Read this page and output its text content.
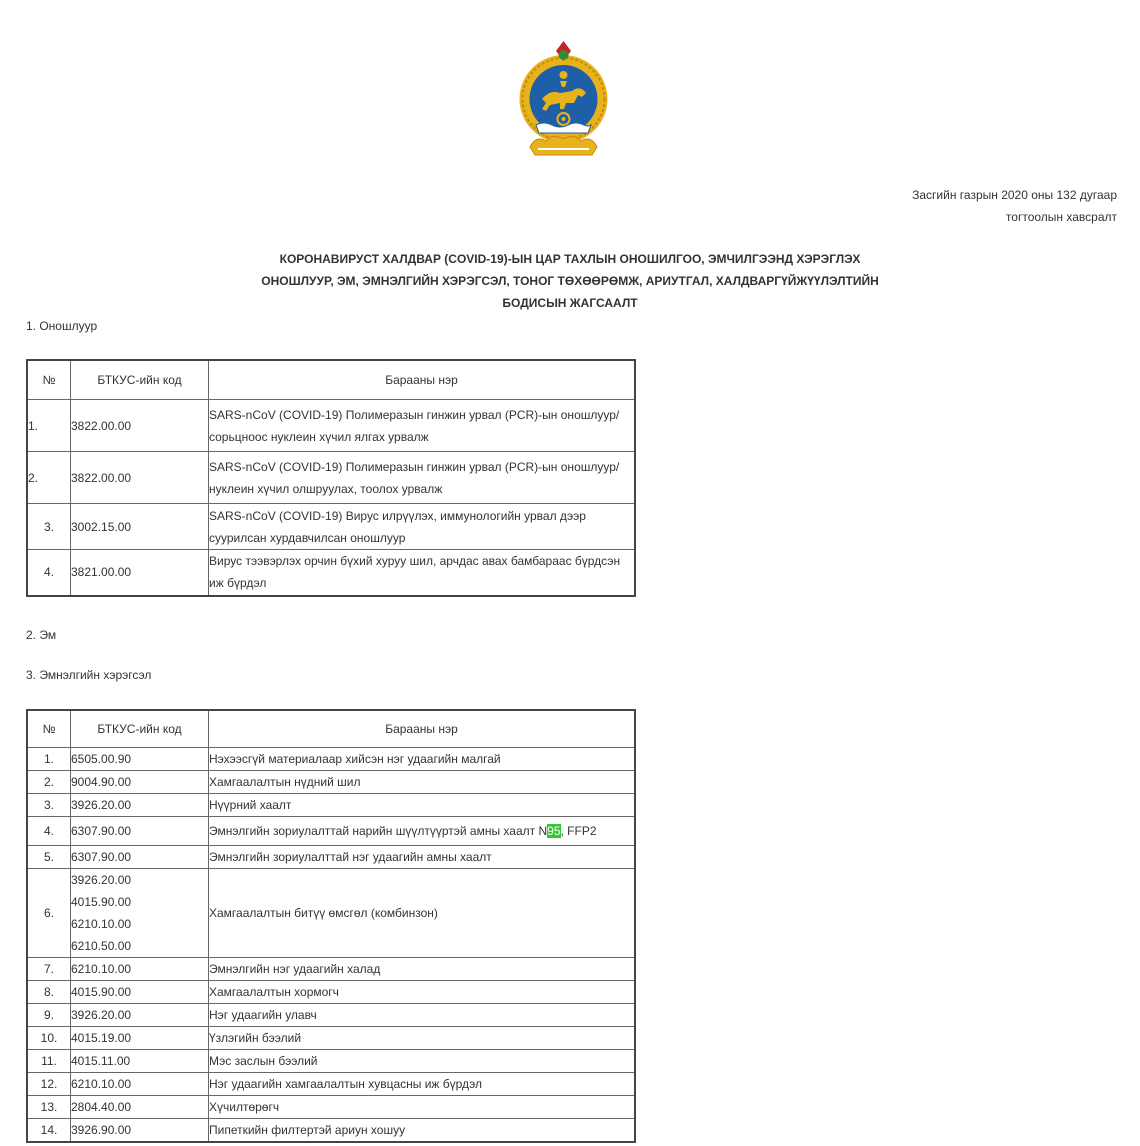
Засгийн газрын 2020 оны 132 дугаар
тогтоолын хавсралт
КОРОНАВИРУСТ ХАЛДВАР (COVID-19)-ЫН ЦАР ТАХЛЫН ОНОШИЛГОО, ЭМЧИЛГЭЭНД ХЭРЭГЛЭХ
ОНОШЛУУР, ЭМ, ЭМНЭЛГИЙН ХЭРЭГСЭЛ, ТОНОГ ТӨХӨӨРӨМЖ, АРИУТГАЛ, ХАЛДВАРГҮЙЖҮҮЛЭЛТИЙН
БОДИСЫН ЖАГСААЛТ
1. Оношлуур
№	БТКУС-ийн код	Барааны нэр
1.	3822.00.00	SARS-nCoV (COVID-19) Полимеразын гинжин урвал (PCR)-ын оношлуур/
сорьцноос нуклеин хүчил ялгах урвалж

2.	3822.00.00	SARS-nCoV (COVID-19) Полимеразын гинжин урвал (PCR)-ын оношлуур/
нуклеин хүчил олшруулах, тоолох урвалж

3.	3002.15.00	SARS-nCoV (COVID-19) Вирус илрүүлэх, иммунологийн урвал дээр
суурилсан хурдавчилсан оношлуур

4.	3821.00.00	Вирус тээвэрлэх орчин бүхий хуруу шил, арчдас авах бамбараас бүрдсэн
иж бүрдэл
2. Эм
3. Эмнэлгийн хэрэгсэл
№	БТКУС-ийн код	Барааны нэр
1.	6505.00.90	Нэхээсгүй материалаар хийсэн нэг удаагийн малгай
2.	9004.90.00	Хамгаалалтын нүдний шил
3.	3926.20.00	Нүүрний хаалт
4.	6307.90.00	Эмнэлгийн зориулалттай нарийн шүүлтүүртэй амны хаалт N95, FFP2
5.	6307.90.00	Эмнэлгийн зориулалттай нэг удаагийн амны хаалт
6.	3926.20.00
4015.90.00
6210.10.00
6210.50.00	Хамгаалалтын битүү өмсгөл (комбинзон)
7.	6210.10.00	Эмнэлгийн нэг удаагийн халад
8.	4015.90.00	Хамгаалалтын хормогч
9.	3926.20.00	Нэг удаагийн улавч
10.	4015.19.00	Үзлэгийн бээлий
11.	4015.11.00	Мэс заслын бээлий
12.	6210.10.00	Нэг удаагийн хамгаалалтын хувцасны иж бүрдэл
13.	2804.40.00	Хүчилтөрөгч
14.	3926.90.00	Пипеткийн филтертэй ариун хошуу
